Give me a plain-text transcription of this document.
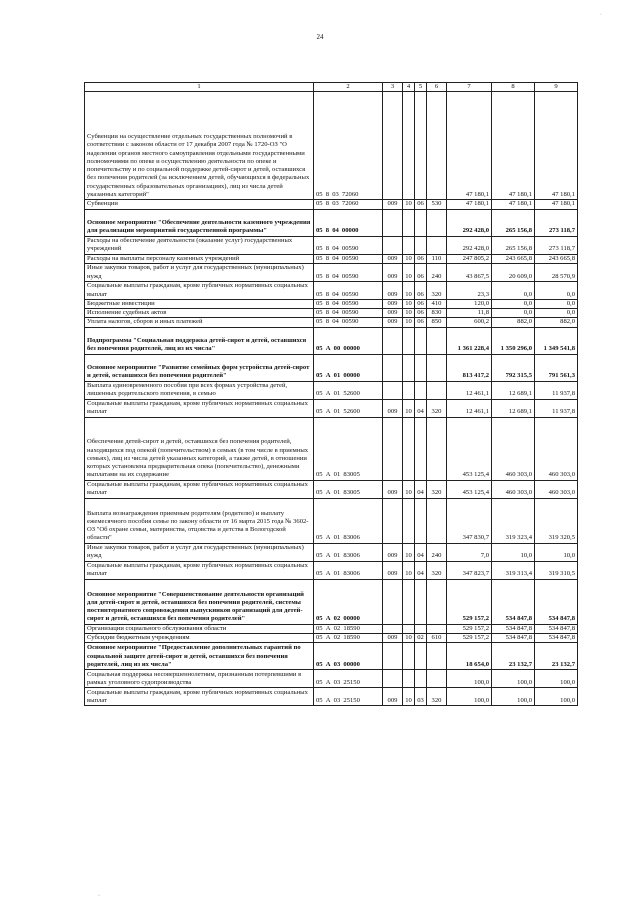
·
24
1	2	3	4	5	6	7	8	9
Субвенции на осуществление отдельных государственных полномочий в соответствии с законом области от 17 декабря 2007 года № 1720-ОЗ "О наделении органов местного самоуправления отдельными государственными полномочиями по опеке и осуществлению деятельности по опеке и попечительству и по социальной поддержке детей-сирот и детей, оставшихся без попечения родителей (за исключением детей, обучающихся в федеральных государственных образовательных организациях), лиц из числа детей указанных категорий"	05 8 03 72060					47 180,1	47 180,1	47 180,1
Субвенции	05 8 03 72060	009	10	06	530	47 180,1	47 180,1	47 180,1
Основное мероприятие "Обеспечение деятельности казенного учреждения для реализации мероприятий государственной программы"	05 8 04 00000					292 428,0	265 156,8	273 118,7
Расходы на обеспечение деятельности (оказание услуг) государственных учреждений	05 8 04 00590					292 428,0	265 156,8	273 118,7
Расходы на выплаты персоналу казенных учреждений	05 8 04 00590	009	10	06	110	247 805,2	243 665,8	243 665,8
Иные закупки товаров, работ и услуг для государственных (муниципальных) нужд	05 8 04 00590	009	10	06	240	43 867,5	20 609,0	28 570,9
Социальные выплаты гражданам, кроме публичных нормативных социальных выплат	05 8 04 00590	009	10	06	320	23,3	0,0	0,0
Бюджетные инвестиции	05 8 04 00590	009	10	06	410	120,0	0,0	0,0
Исполнение судебных актов	05 8 04 00590	009	10	06	830	11,8	0,0	0,0
Уплата налогов, сборов и иных платежей	05 8 04 00590	009	10	06	850	600,2	882,0	882,0
Подпрограмма "Социальная поддержка детей-сирот и детей, оставшихся без попечения родителей, лиц из их числа"	05 А 00 00000					1 361 228,4	1 350 296,0	1 349 541,8
Основное мероприятие "Развитие семейных форм устройства детей-сирот и детей, оставшихся без попечения родителей"	05 А 01 00000					813 417,2	792 315,5	791 561,3
Выплата единовременного пособия при всех формах устройства детей, лишенных родительского попечения, в семью	05 А 01 52600					12 461,1	12 689,1	11 937,8
Социальные выплаты гражданам, кроме публичных нормативных социальных выплат	05 А 01 52600	009	10	04	320	12 461,1	12 689,1	11 937,8
Обеспечение детей-сирот и детей, оставшихся без попечения родителей, находящихся под опекой (попечительством) в семьях (в том числе в приемных семьях), лиц из числа детей указанных категорий, а также детей, в отношении которых установлена предварительная опека (попечительство), денежными выплатами на их содержание	05 А 01 83005					453 125,4	460 303,0	460 303,0
Социальные выплаты гражданам, кроме публичных нормативных социальных выплат	05 А 01 83005	009	10	04	320	453 125,4	460 303,0	460 303,0
Выплата вознаграждения приемным родителям (родителю) и выплату ежемесячного пособия семье по закону области от 16 марта 2015 года № 3602-ОЗ "Об охране семьи, материнства, отцовства и детства в Вологодской области"	05 А 01 83006					347 830,7	319 323,4	319 320,5
Иные закупки товаров, работ и услуг для государственных (муниципальных) нужд	05 А 01 83006	009	10	04	240	7,0	10,0	10,0
Социальные выплаты гражданам, кроме публичных нормативных социальных выплат	05 А 01 83006	009	10	04	320	347 823,7	319 313,4	319 310,5
Основное мероприятие "Совершенствование деятельности организаций для детей-сирот и детей, оставшихся без попечения родителей, системы постинтернатного сопровождения выпускников организаций для детей-сирот и детей, оставшихся без попечения родителей"	05 А 02 00000					529 157,2	534 847,8	534 847,8
Организации социального обслуживания области	05 А 02 18590					529 157,2	534 847,8	534 847,8
Субсидии бюджетным учреждениям	05 А 02 18590	009	10	02	610	529 157,2	534 847,8	534 847,8
Основное мероприятие "Предоставление дополнительных гарантий по социальной защите детей-сирот и детей, оставшихся без попечения родителей, лиц из их числа"	05 А 03 00000					18 654,0	23 132,7	23 132,7
Социальная поддержка несовершеннолетним, признанным потерпевшими в рамках уголовного судопроизводства	05 А 03 25150					100,0	100,0	100,0
Социальные выплаты гражданам, кроме публичных нормативных социальных выплат	05 А 03 25150	009	10	03	320	100,0	100,0	100,0
·
